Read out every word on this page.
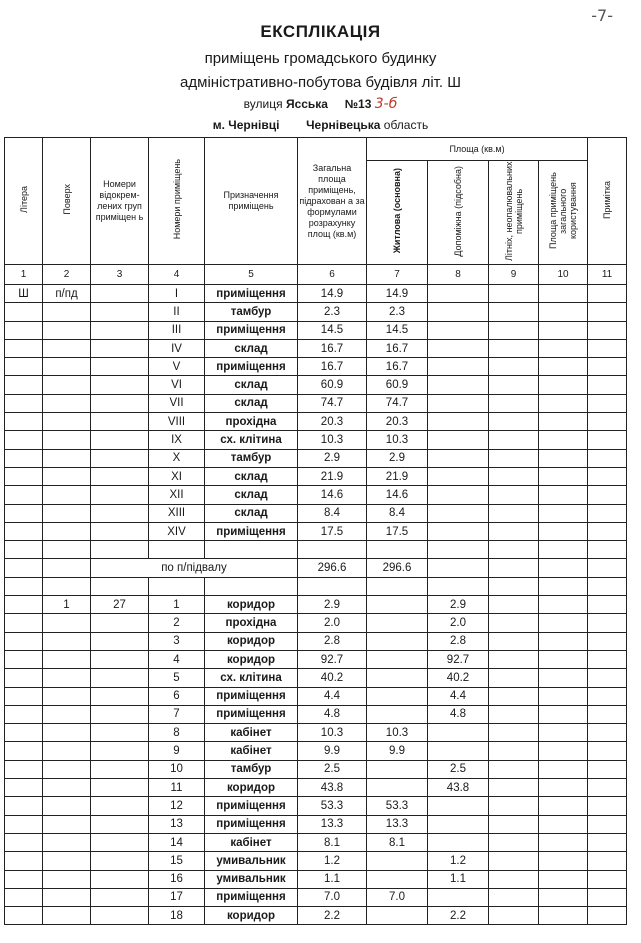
-7-
ЕКСПЛІКАЦІЯ
приміщень громадського будинку
адміністративно-побутова будівля літ. Ш
вулиця Ясська №13 3-б
м. Чернівці Чернівецька область
Літера	Поверх	Номери відокрем-лених груп приміщен ь	Номери приміщень	Призначення приміщень	Загальна площа приміщень, підрахован а за формулами розрахунку площ (кв.м)	Площа (кв.м)				Примітка
						Житлова (основна)	Допоміжна (підсобна)	Літніх, неопалювальних приміщень	Площа приміщень загального користування	
1	2	3	4	5	6	7	8	9	10	11
Ш	п/пд		I	приміщення	14.9	14.9				
			II	тамбур	2.3	2.3				
			III	приміщення	14.5	14.5				
			IV	склад	16.7	16.7				
			V	приміщення	16.7	16.7				
			VI	склад	60.9	60.9				
			VII	склад	74.7	74.7				
			VIII	прохідна	20.3	20.3				
			IX	сх. клітина	10.3	10.3				
			X	тамбур	2.9	2.9				
			XI	склад	21.9	21.9				
			XII	склад	14.6	14.6				
			XIII	склад	8.4	8.4				
			XIV	приміщення	17.5	17.5				

		по п/підвалу			296.6	296.6				

	1	27	1	коридор	2.9		2.9			
			2	прохідна	2.0		2.0			
			3	коридор	2.8		2.8			
			4	коридор	92.7		92.7			
			5	сх. клітина	40.2		40.2			
			6	приміщення	4.4		4.4			
			7	приміщення	4.8		4.8			
			8	кабінет	10.3	10.3				
			9	кабінет	9.9	9.9				
			10	тамбур	2.5		2.5			
			11	коридор	43.8		43.8			
			12	приміщення	53.3	53.3				
			13	приміщення	13.3	13.3				
			14	кабінет	8.1	8.1				
			15	умивальник	1.2		1.2			
			16	умивальник	1.1		1.1			
			17	приміщення	7.0	7.0				
			18	коридор	2.2		2.2			
